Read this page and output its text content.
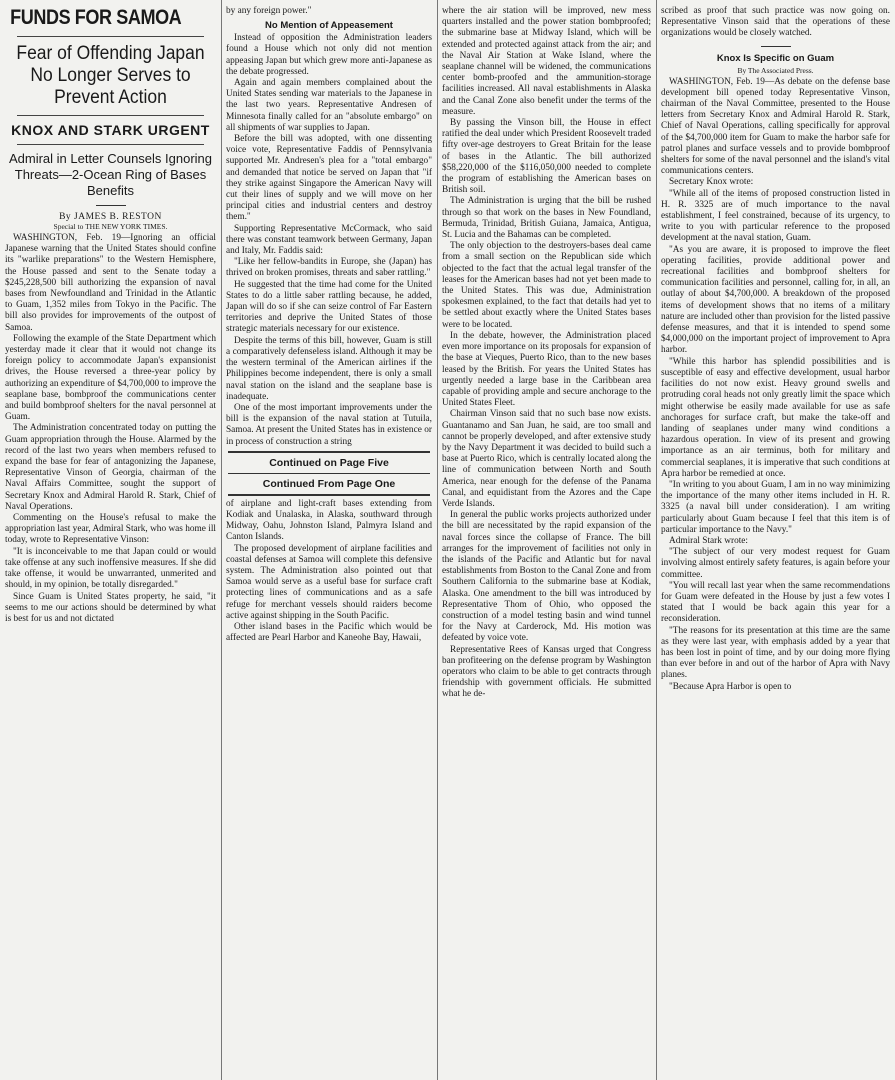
FUNDS FOR SAMOA
Fear of Offending Japan No Longer Serves to Prevent Action
KNOX AND STARK URGENT
Admiral in Letter Counsels Ignoring Threats—2-Ocean Ring of Bases Benefits
By JAMES B. RESTON
Special to THE NEW YORK TIMES.

WASHINGTON, Feb. 19—Ignoring an official Japanese warning that the United States should confine its "warlike preparations" to the Western Hemisphere, the House passed and sent to the Senate today a $245,228,500 bill authorizing the expansion of naval bases from Newfoundland and Trinidad in the Atlantic to Guam, 1,352 miles from Tokyo in the Pacific. The bill also provides for improvements of the outpost of Samoa.

Following the example of the State Department which yesterday made it clear that it would not change its foreign policy to accommodate Japan's expansionist drives, the House reversed a three-year policy by authorizing an expenditure of $4,700,000 to improve the seaplane base, bombproof the communications center and build bombproof shelters for the naval personnel at Guam.

The Administration concentrated today on putting the Guam appropriation through the House. Alarmed by the record of the last two years when members refused to expand the base for fear of antagonizing the Japanese, Representative Vinson of Georgia, chairman of the Naval Affairs Committee, sought the support of Secretary Knox and Admiral Harold R. Stark, Chief of Naval Operations.

Commenting on the House's refusal to make the appropriation last year, Admiral Stark, who was home ill today, wrote to Representative Vinson:

"It is inconceivable to me that Japan could or would take offense at any such inoffensive measures. If she did take offense, it would be unwarranted, unmerited and should, in my opinion, be totally disregarded."

Since Guam is United States property, he said, "it seems to me our actions should be determined by what is best for us and not dictated

by any foreign power."

No Mention of Appeasement

Instead of opposition the Administration leaders found a House which not only did not mention appeasing Japan but which grew more anti-Japanese as the debate progressed.

Again and again members complained about the United States sending war materials to the Japanese in the last two years. Representative Andresen of Minnesota finally called for an "absolute embargo" on all shipments of war supplies to Japan.

Before the bill was adopted, with one dissenting voice vote, Representative Faddis of Pennsylvania supported Mr. Andresen's plea for a "total embargo" and demanded that notice be served on Japan that "if they strike against Singapore the American Navy will cut their lines of supply and we will move on her principal cities and industrial centers and destroy them."

Supporting Representative McCormack, who said there was constant teamwork between Germany, Japan and Italy, Mr. Faddis said:

"Like her fellow-bandits in Europe, she (Japan) has thrived on broken promises, threats and saber rattling."

He suggested that the time had come for the United States to do a little saber rattling because, he added, Japan will do so if she can seize control of Far Eastern territories and deprive the United States of those strategic materials necessary for our existence.

Despite the terms of this bill, however, Guam is still a comparatively defenseless island. Although it may be the western terminal of the American airlines if the Philippines become independent, there is only a small naval station on the island and the seaplane base is inadequate.

One of the most important improvements under the bill is the expansion of the naval station at Tutuila, Samoa. At present the United States has in existence or in process of construction a string

Continued on Page Five
Continued From Page One

of airplane and light-craft bases extending from Kodiak and Unalaska, in Alaska, southward through Midway, Oahu, Johnston Island, Palmyra Island and Canton Islands.

The proposed development of airplane facilities and coastal defenses at Samoa will complete this defensive system. The Administration also pointed out that Samoa would serve as a useful base for surface craft protecting lines of communications and as a safe refuge for merchant vessels should raiders become active against shipping in the South Pacific.

Other island bases in the Pacific which would be affected are Pearl Harbor and Kaneohe Bay, Hawaii,

where the air station will be improved, new mess quarters installed and the power station bombproofed; the submarine base at Midway Island, which will be extended and protected against attack from the air; and the Naval Air Station at Wake Island, where the seaplane channel will be widened, the communications center bomb-proofed and the ammunition-storage facilities increased. All naval establishments in Alaska and the Canal Zone also benefit under the terms of the measure.

By passing the Vinson bill, the House in effect ratified the deal under which President Roosevelt traded fifty over-age destroyers to Great Britain for the lease of bases in the Atlantic. The bill authorized $58,220,000 of the $116,050,000 needed to complete the program of establishing the American bases on British soil.

The Administration is urging that the bill be rushed through so that work on the bases in New Foundland, Bermuda, Trinidad, British Guiana, Jamaica, Antigua, St. Lucia and the Bahamas can be completed.

The only objection to the destroyers-bases deal came from a small section on the Republican side which objected to the fact that the actual legal transfer of the leases for the American bases had not yet been made to the United States. This was due, Administration spokesmen explained, to the fact that details had yet to be settled about exactly where the United States bases were to be located.

In the debate, however, the Administration placed even more importance on its proposals for expansion of the base at Vieques, Puerto Rico, than to the new bases leased by the British. For years the United States has urgently needed a large base in the Caribbean area capable of providing ample and secure anchorage to the United States Fleet.

Chairman Vinson said that no such base now exists. Guantanamo and San Juan, he said, are too small and cannot be properly developed, and after extensive study by the Navy Department it was decided to build such a base at Puerto Rico, which is centrally located along the line of communication between North and South America, near enough for the defense of the Panama Canal, and equidistant from the Azores and the Cape Verde Islands.

In general the public works projects authorized under the bill are necessitated by the rapid expansion of the naval forces since the collapse of France. The bill arranges for the improvement of facilities not only in the islands of the Pacific and Atlantic but for naval establishments from Boston to the Canal Zone and from Southern California to the submarine base at Kodiak, Alaska. One amendment to the bill was introduced by Representative Thom of Ohio, who opposed the construction of a model testing basin and wind tunnel for the Navy at Carderock, Md. His motion was defeated by voice vote.

Representative Rees of Kansas urged that Congress ban profiteering on the defense program by Washington operators who claim to be able to get contracts through friendship with government officials. He submitted what he de-

scribed as proof that such practice was now going on. Representative Vinson said that the operations of these organizations would be closely watched.

Knox Is Specific on Guam
By The Associated Press.

WASHINGTON, Feb. 19—As debate on the defense base development bill opened today Representative Vinson, chairman of the Naval Committee, presented to the House letters from Secretary Knox and Admiral Harold R. Stark, Chief of Naval Operations, calling specifically for approval of the $4,700,000 item for Guam to make the harbor safe for patrol planes and surface vessels and to provide bombproof shelters for some of the naval personnel and the island's vital communications centers.

Secretary Knox wrote:

"While all of the items of proposed construction listed in H. R. 3325 are of much importance to the naval establishment, I feel constrained, because of its urgency, to write to you with particular reference to the proposed development at the naval station, Guam.

"As you are aware, it is proposed to improve the fleet operating facilities, provide additional power and recreational facilities and bombproof shelters for communication facilities and personnel, calling for, in all, an outlay of about $4,700,000. A breakdown of the proposed items of development shows that no items of a military nature are included other than provision for the listed passive defense measures, and that it is intended to spend some $4,000,000 on the important project of improvement to Apra harbor.

"While this harbor has splendid possibilities and is susceptible of easy and effective development, usual harbor facilities do not now exist. Heavy ground swells and protruding coral heads not only greatly limit the space which might otherwise be easily made available for use as safe anchorages for surface craft, but make the take-off and landing of seaplanes under many wind conditions a hazardous operation. In view of its present and growing importance as an air terminus, both for military and commercial seaplanes, it is imperative that such conditions at Apra harbor be remedied at once.

"In writing to you about Guam, I am in no way minimizing the importance of the many other items included in H. R. 3325 (a naval bill under consideration). I am writing particularly about Guam because I feel that this item is of particular importance to the Navy."

Admiral Stark wrote:

"The subject of our very modest request for Guam involving almost entirely safety features, is again before your committee.

"You will recall last year when the same recommendations for Guam were defeated in the House by just a few votes I stated that I would be back again this year for a reconsideration.

"The reasons for its presentation at this time are the same as they were last year, with emphasis added by a year that has been lost in point of time, and by our doing more flying than ever before in and out of the harbor of Apra with Navy planes.

"Because Apra Harbor is open to
